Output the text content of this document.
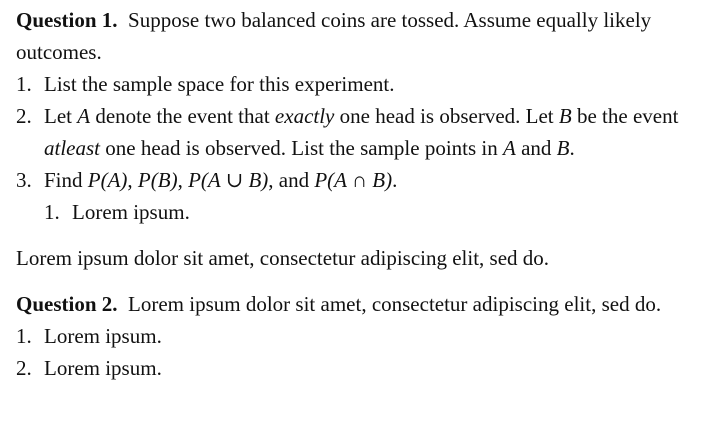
Question 1. Suppose two balanced coins are tossed. Assume equally likely outcomes.

1. List the sample space for this experiment.
2. Let A denote the event that exactly one head is observed. Let B be the event atleast one head is observed. List the sample points in A and B.
3. Find P(A), P(B), P(A ∪ B), and P(A ∩ B).
1. Lorem ipsum.

Lorem ipsum dolor sit amet, consectetur adipiscing elit, sed do.

Question 2. Lorem ipsum dolor sit amet, consectetur adipiscing elit, sed do.

1. Lorem ipsum.
2. Lorem ipsum.
